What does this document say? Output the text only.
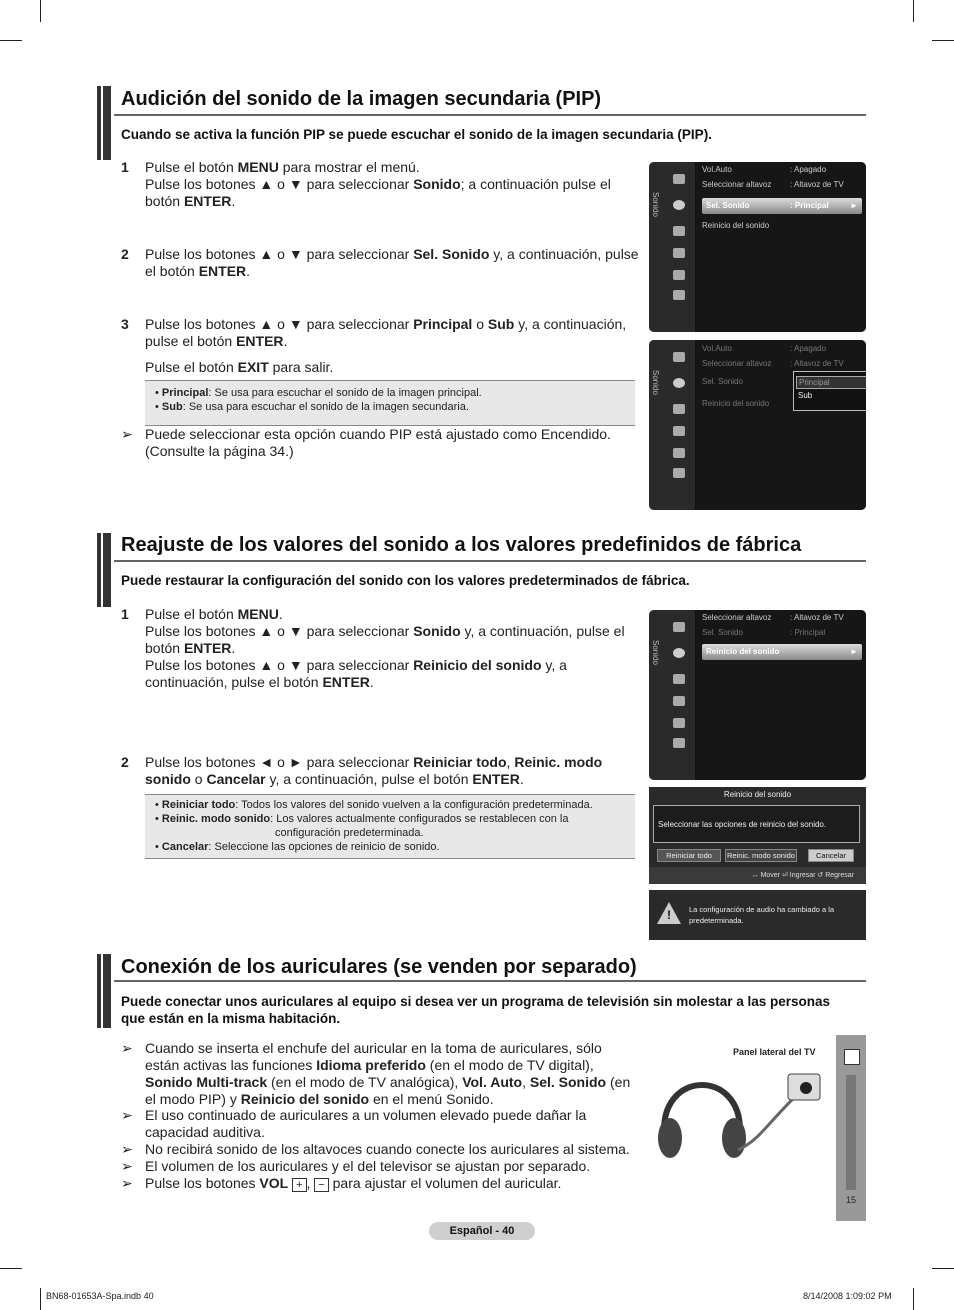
Audición del sonido de la imagen secundaria (PIP)
Cuando se activa la función PIP se puede escuchar el sonido de la imagen secundaria (PIP).
1 Pulse el botón MENU para mostrar el menú.
Pulse los botones ▲ o ▼ para seleccionar Sonido; a continuación pulse el botón ENTER.
2 Pulse los botones ▲ o ▼ para seleccionar Sel. Sonido y, a continuación, pulse el botón ENTER.
3 Pulse los botones ▲ o ▼ para seleccionar Principal o Sub y, a continuación, pulse el botón ENTER.
Pulse el botón EXIT para salir.
• Principal: Se usa para escuchar el sonido de la imagen principal.
• Sub: Se usa para escuchar el sonido de la imagen secundaria.
➢ Puede seleccionar esta opción cuando PIP está ajustado como Encendido.
(Consulte la página 34.)
Sonido
Vol.Auto	: Apagado
Seleccionar altavoz : Altavoz de TV
Sel. Sonido	: Principal	►
Reinicio del sonido
Sonido
Vol.Auto	: Apagado
Seleccionar altavoz : Altavoz de TV
Sel. Sonido
Reinicio del sonido
Principal
Sub
Reajuste de los valores del sonido a los valores predefinidos de fábrica
Puede restaurar la configuración del sonido con los valores predeterminados de fábrica.
1 Pulse el botón MENU.
Pulse los botones ▲ o ▼ para seleccionar Sonido y, a continuación, pulse el botón ENTER.
Pulse los botones ▲ o ▼ para seleccionar Reinicio del sonido y, a continuación, pulse el botón ENTER.
2 Pulse los botones ◄ o ► para seleccionar Reiniciar todo, Reinic. modo sonido o Cancelar y, a continuación, pulse el botón ENTER.
• Reiniciar todo: Todos los valores del sonido vuelven a la configuración predeterminada.
• Reinic. modo sonido: Los valores actualmente configurados se restablecen con la
configuración predeterminada.
• Cancelar: Seleccione las opciones de reinicio de sonido.
Sonido
Seleccionar altavoz : Altavoz de TV
Sel. Sonido	: Principal
Reinicio del sonido	►
Reinicio del sonido
Seleccionar las opciones de reinicio del sonido.
Reiniciar todo	Reinic. modo sonido	Cancelar
↔ Mover ⏎ Ingresar ↺ Regresar
! La configuración de audio ha cambiado a la predeterminada.
Conexión de los auriculares (se venden por separado)
Puede conectar unos auriculares al equipo si desea ver un programa de televisión sin molestar a las personas que están en la misma habitación.
➢ Cuando se inserta el enchufe del auricular en la toma de auriculares, sólo están activas las funciones Idioma preferido (en el modo de TV digital), Sonido Multi-track (en el modo de TV analógica), Vol. Auto, Sel. Sonido (en el modo PIP) y Reinicio del sonido en el menú Sonido.
➢ El uso continuado de auriculares a un volumen elevado puede dañar la capacidad auditiva.
➢ No recibirá sonido de los altavoces cuando conecte los auriculares al sistema.
➢ El volumen de los auriculares y el del televisor se ajustan por separado.
➢ Pulse los botones VOL + , − para ajustar el volumen del auricular.
Panel lateral del TV
15
Español - 40
BN68-01653A-Spa.indb 40	8/14/2008 1:09:02 PM
